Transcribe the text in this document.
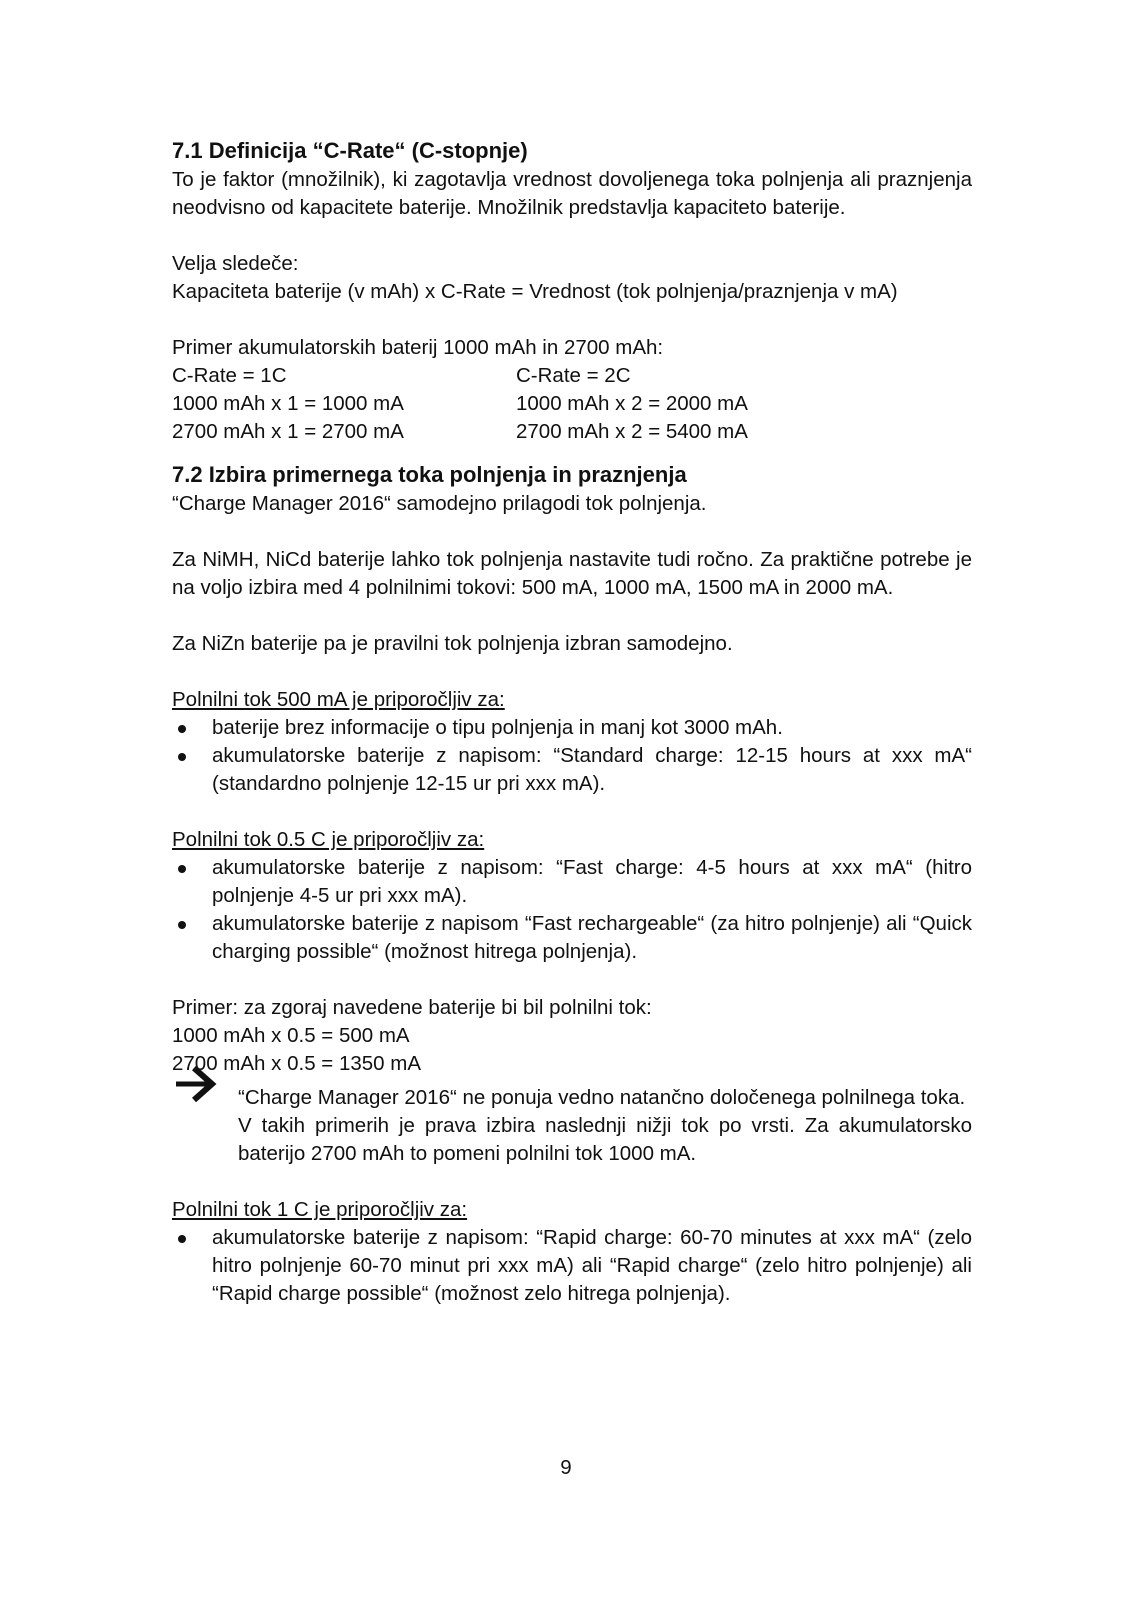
7.1 Definicija “C-Rate“ (C-stopnje)

To je faktor (množilnik), ki zagotavlja vrednost dovoljenega toka polnjenja ali praznjenja neodvisno od kapacitete baterije. Množilnik predstavlja kapaciteto baterije.

Velja sledeče:

Kapaciteta baterije (v mAh) x C-Rate = Vrednost (tok polnjenja/praznjenja v mA)

Primer akumulatorskih baterij 1000 mAh in 2700 mAh:

C-Rate = 1C	C-Rate = 2C
1000 mAh x 1 = 1000 mA	1000 mAh x 2 = 2000 mA
2700 mAh x 1 = 2700 mA	2700 mAh x 2 = 5400 mA
7.2 Izbira primernega toka polnjenja in praznjenja

“Charge Manager 2016“ samodejno prilagodi tok polnjenja.

Za NiMH, NiCd baterije lahko tok polnjenja nastavite tudi ročno. Za praktične potrebe je na voljo izbira med 4 polnilnimi tokovi: 500 mA, 1000 mA, 1500 mA in 2000 mA.

Za NiZn baterije pa je pravilni tok polnjenja izbran samodejno.

Polnilni tok 500 mA je priporočljiv za:

baterije brez informacije o tipu polnjenja in manj kot 3000 mAh.
akumulatorske baterije z napisom: “Standard charge: 12-15 hours at xxx mA“ (standardno polnjenje 12-15 ur pri xxx mA).

Polnilni tok 0.5 C je priporočljiv za:

akumulatorske baterije z napisom: “Fast charge: 4-5 hours at xxx mA“ (hitro polnjenje 4-5 ur pri xxx mA).
akumulatorske baterije z napisom “Fast rechargeable“ (za hitro polnjenje) ali “Quick charging possible“ (možnost hitrega polnjenja).

Primer: za zgoraj navedene baterije bi bil polnilni tok:

1000 mAh x 0.5 = 500 mA

2700 mAh x 0.5 = 1350 mA

“Charge Manager 2016“ ne ponuja vedno natančno določenega polnilnega toka.

V takih primerih je prava izbira naslednji nižji tok po vrsti. Za akumulatorsko baterijo 2700 mAh to pomeni polnilni tok 1000 mA.

Polnilni tok 1 C je priporočljiv za:

akumulatorske baterije z napisom: “Rapid charge: 60-70 minutes at xxx mA“ (zelo hitro polnjenje 60-70 minut pri xxx mA) ali “Rapid charge“ (zelo hitro polnjenje) ali “Rapid charge possible“ (možnost zelo hitrega polnjenja).
9
